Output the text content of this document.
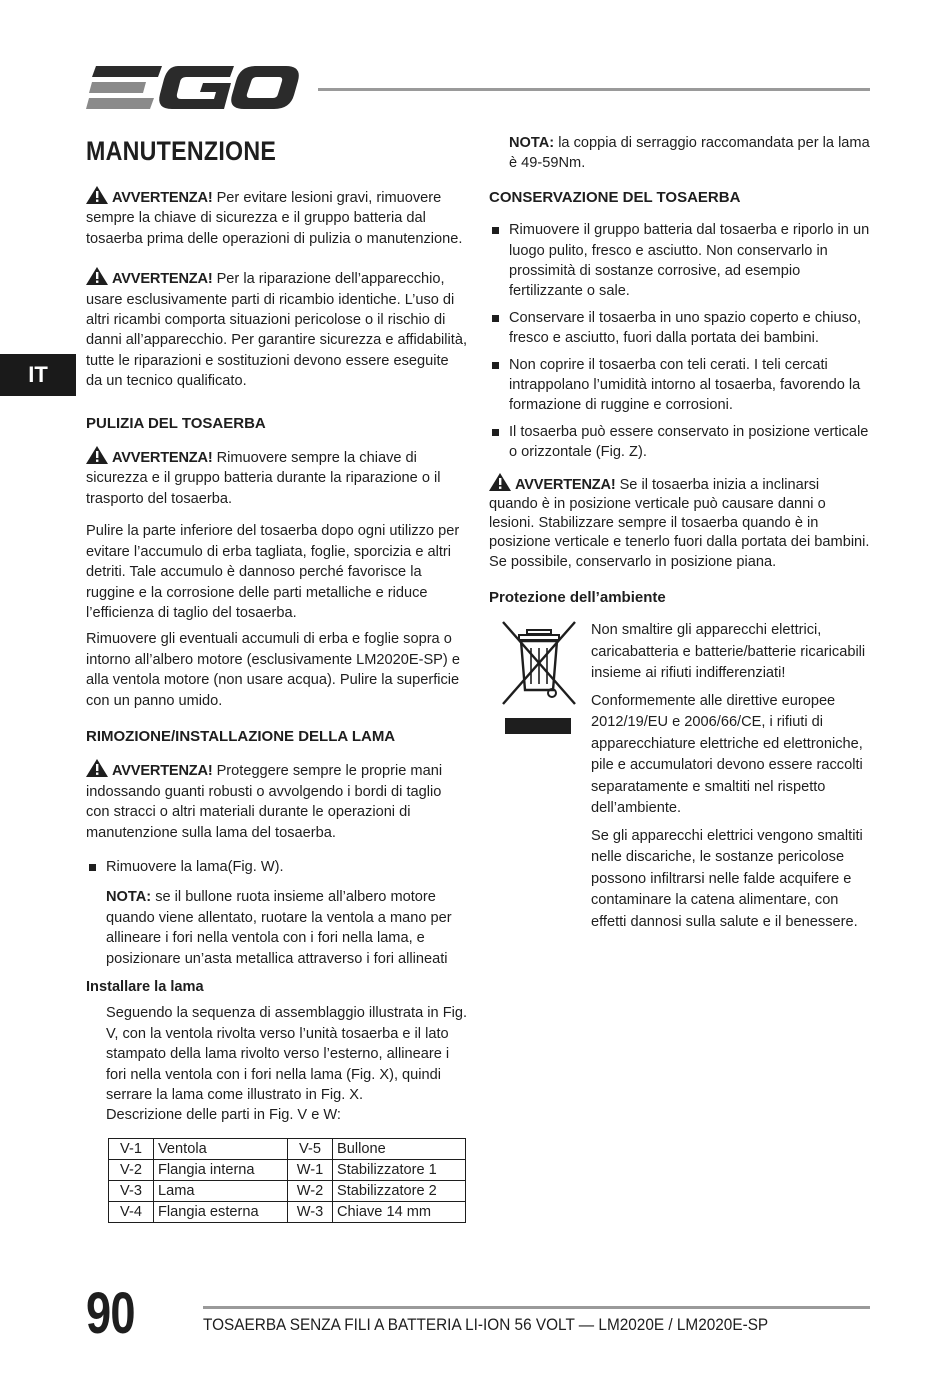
IT
MANUTENZIONE

AVVERTENZA! Per evitare lesioni gravi, rimuovere sempre la chiave di sicurezza e il gruppo batteria dal tosaerba prima delle operazioni di pulizia o manutenzione.

AVVERTENZA! Per la riparazione dell’apparecchio, usare esclusivamente parti di ricambio identiche. L’uso di altri ricambi comporta situazioni pericolose o il rischio di danni all’apparecchio. Per garantire sicurezza e affidabilità, tutte le riparazioni e sostituzioni devono essere eseguite da un tecnico qualificato.

PULIZIA DEL TOSAERBA

AVVERTENZA! Rimuovere sempre la chiave di sicurezza e il gruppo batteria durante la riparazione o il trasporto del tosaerba.

Pulire la parte inferiore del tosaerba dopo ogni utilizzo per evitare l’accumulo di erba tagliata, foglie, sporcizia e altri detriti. Tale accumulo è dannoso perché favorisce la ruggine e la corrosione delle parti metalliche e riduce l’efficienza di taglio del tosaerba.

Rimuovere gli eventuali accumuli di erba e foglie sopra o intorno all’albero motore (esclusivamente LM2020E-SP) e alla ventola motore (non usare acqua). Pulire la superficie con un panno umido.

RIMOZIONE/INSTALLAZIONE DELLA LAMA

AVVERTENZA! Proteggere sempre le proprie mani indossando guanti robusti o avvolgendo i bordi di taglio con stracci o altri materiali durante le operazioni di manutenzione sulla lama del tosaerba.

Rimuovere la lama(Fig. W).

NOTA: se il bullone ruota insieme all’albero motore quando viene allentato, ruotare la ventola a mano per allineare i fori nella ventola con i fori nella lama, e posizionare un’asta metallica attraverso i fori allineati

Installare la lama

Seguendo la sequenza di assemblaggio illustrata in Fig. V, con la ventola rivolta verso l’unità tosaerba e il lato stampato della lama rivolto verso l’esterno, allineare i fori nella ventola con i fori nella lama (Fig. X), quindi serrare la lama come illustrato in Fig. X.

Descrizione delle parti in Fig. V e W:

V-1	Ventola	V-5	Bullone
V-2	Flangia interna	W-1	Stabilizzatore 1
V-3	Lama	W-2	Stabilizzatore 2
V-4	Flangia esterna	W-3	Chiave 14 mm

NOTA: la coppia di serraggio raccomandata per la lama è 49-59Nm.

CONSERVAZIONE DEL TOSAERBA

Rimuovere il gruppo batteria dal tosaerba e riporlo in un luogo pulito, fresco e asciutto. Non conservarlo in prossimità di sostanze corrosive, ad esempio fertilizzante o sale.
Conservare il tosaerba in uno spazio coperto e chiuso, fresco e asciutto, fuori dalla portata dei bambini.
Non coprire il tosaerba con teli cerati. I teli cercati intrappolano l’umidità intorno al tosaerba, favorendo la formazione di ruggine e corrosioni.
Il tosaerba può essere conservato in posizione verticale o orizzontale (Fig. Z).

AVVERTENZA! Se il tosaerba inizia a inclinarsi quando è in posizione verticale può causare danni o lesioni. Stabilizzare sempre il tosaerba quando è in posizione verticale e tenerlo fuori dalla portata dei bambini. Se possibile, conservarlo in posizione piana.

Protezione dell’ambiente

Non smaltire gli apparecchi elettrici, caricabatteria e batterie/batterie ricaricabili insieme ai rifiuti indifferenziati!

Conformemente alle direttive europee 2012/19/EU e 2006/66/CE, i rifiuti di apparecchiature elettriche ed elettroniche, pile e accumulatori devono essere raccolti separatamente e smaltiti nel rispetto dell’ambiente.

Se gli apparecchi elettrici vengono smaltiti nelle discariche, le sostanze pericolose possono infiltrarsi nelle falde acquifere e contaminare la catena alimentare, con effetti dannosi sulla salute e il benessere.

90	TOSAERBA SENZA FILI A BATTERIA LI-ION 56 VOLT — LM2020E / LM2020E-SP
